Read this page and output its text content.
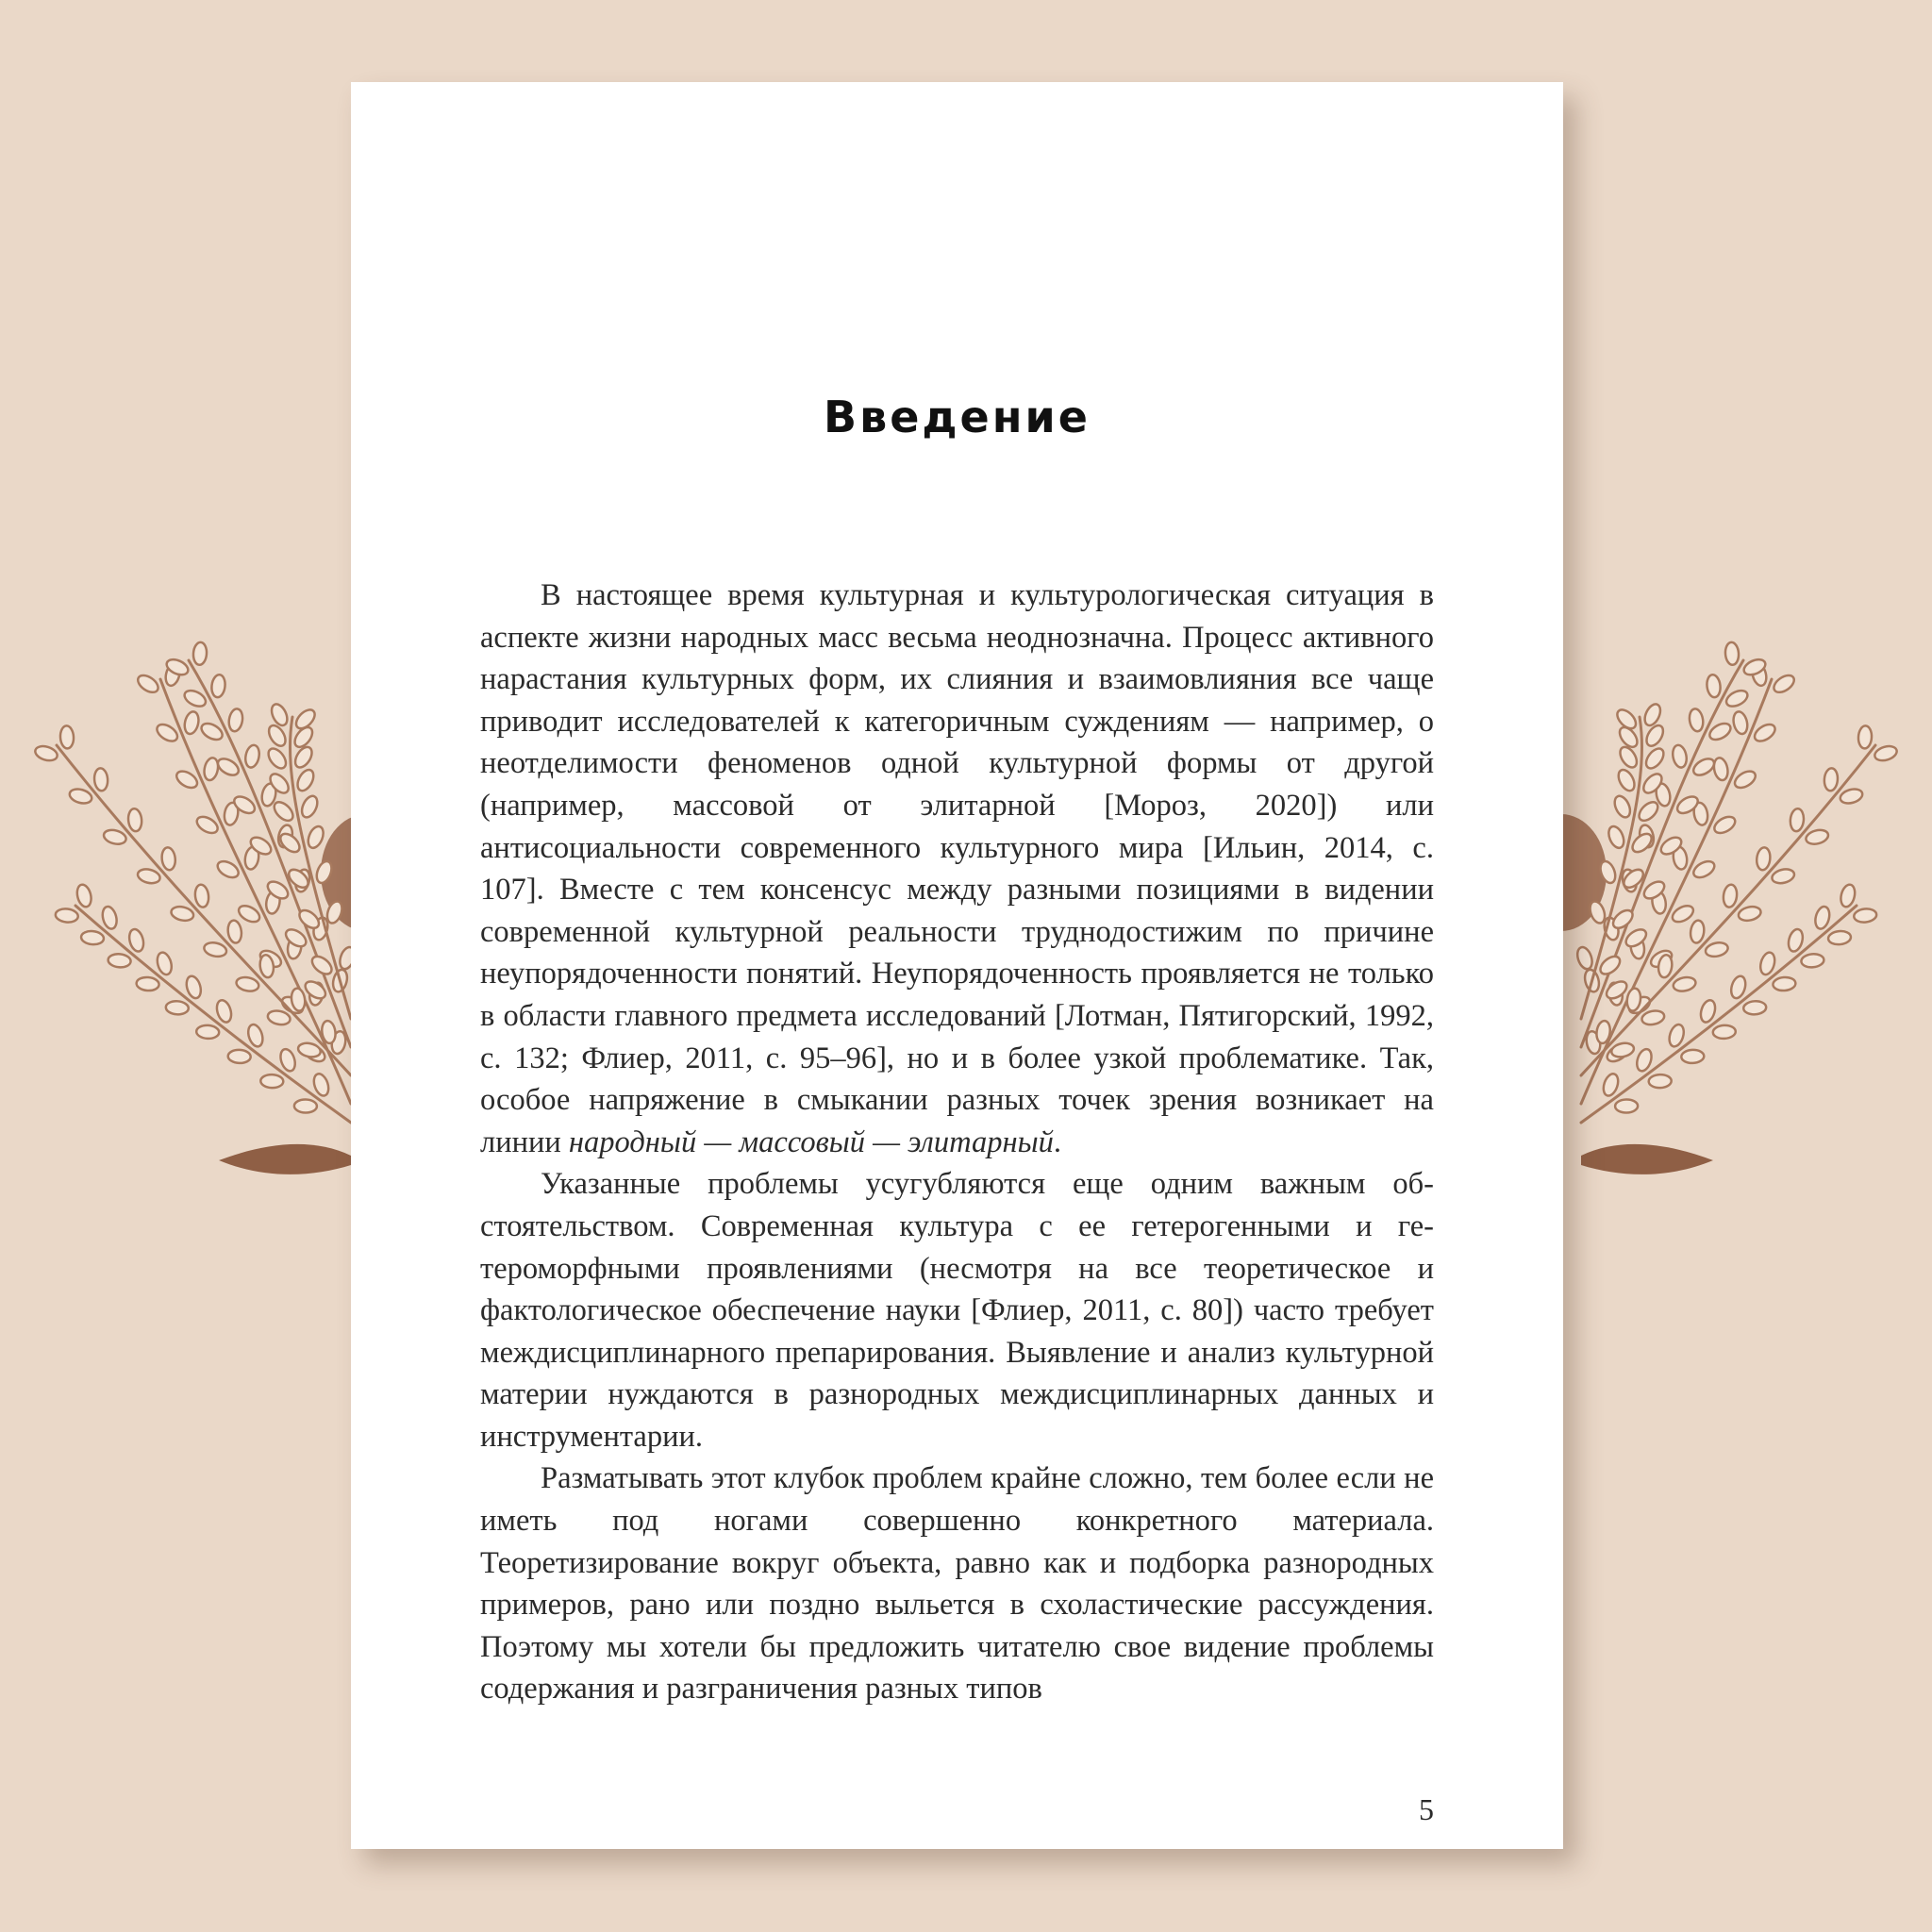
Введение

В настоящее время культурная и культурологическая ситуация в аспекте жизни народных масс весьма неоднозначна. Процесс активного нарастания культурных форм, их слияния и взаимовлияния все чаще приводит исследователей к категоричным суждениям — например, о неотделимости феноменов одной культурной формы от другой (например, массовой от элитарной [Мороз, 2020]) или антисоциальности современного культурного мира [Ильин, 2014, с. 107]. Вместе с тем консенсус между разными позициями в видении современной культурной реальности труднодостижим по причине неупорядоченности понятий. Неупорядоченность проявляется не только в области главного предмета исследований [Лотман, Пятигорский, 1992, с. 132; Флиер, 2011, с. 95–96], но и в более узкой проблематике. Так, особое напряжение в смыкании разных точек зрения возникает на линии народный — массовый — элитарный.

Указанные проблемы усугубляются еще одним важным обстоятельством. Современная культура с ее гетерогенными и гетероморфными проявлениями (несмотря на все теоретическое и фактологическое обеспечение науки [Флиер, 2011, с. 80]) часто требует междисциплинарного препарирования. Выявление и анализ культурной материи нуждаются в разнородных междисциплинарных данных и инструментарии.

Разматывать этот клубок проблем крайне сложно, тем более если не иметь под ногами совершенно конкретного материала. Теоретизирование вокруг объекта, равно как и подборка разнородных примеров, рано или поздно выльется в схоластические рассуждения. Поэтому мы хотели бы предложить читателю свое видение проблемы содержания и разграничения разных типов

5
